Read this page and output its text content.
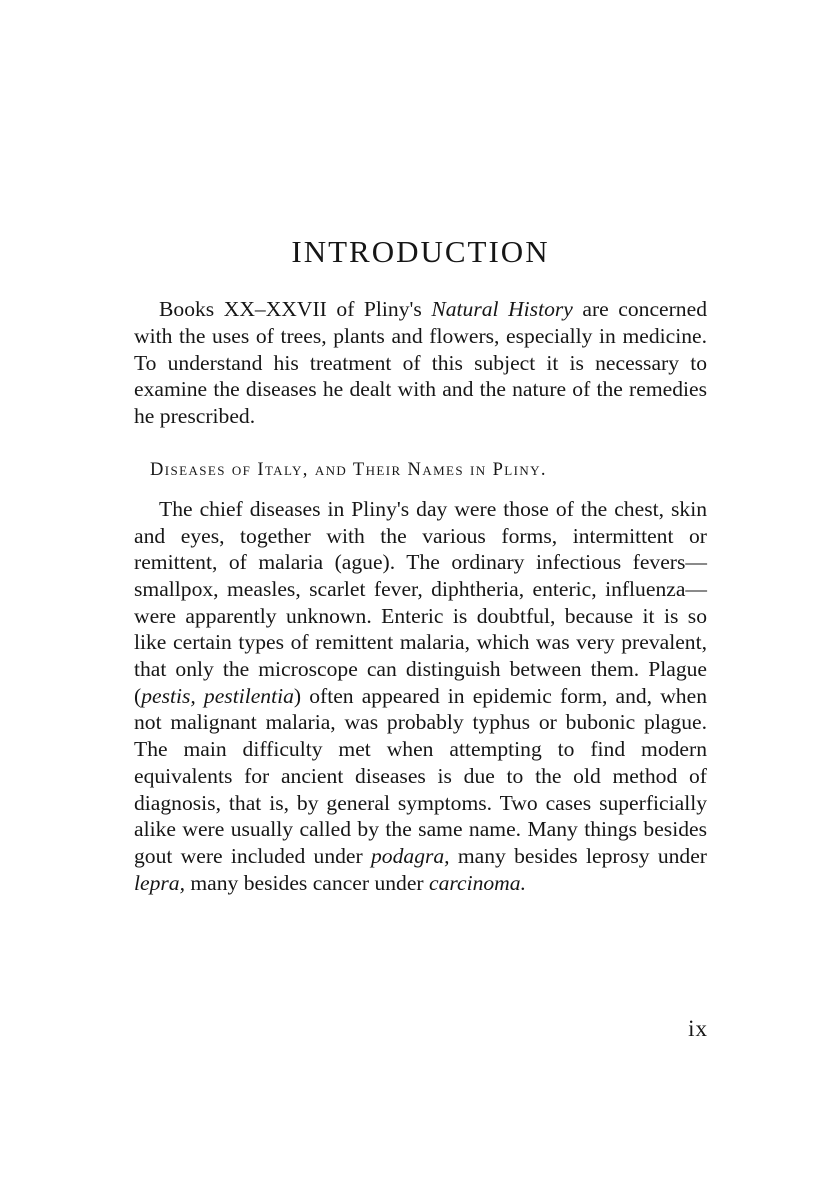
INTRODUCTION

Books XX–XXVII of Pliny's Natural History are concerned with the uses of trees, plants and flowers, especially in medicine. To understand his treatment of this subject it is necessary to examine the diseases he dealt with and the nature of the remedies he prescribed.

Diseases of Italy, and Their Names in Pliny.

The chief diseases in Pliny's day were those of the chest, skin and eyes, together with the various forms, intermittent or remittent, of malaria (ague). The ordinary infectious fevers—smallpox, measles, scarlet fever, diphtheria, enteric, influenza—were apparently unknown. Enteric is doubtful, because it is so like certain types of remittent malaria, which was very prevalent, that only the microscope can distinguish between them. Plague (pestis, pestilentia) often appeared in epidemic form, and, when not malignant malaria, was probably typhus or bubonic plague. The main difficulty met when attempting to find modern equivalents for ancient diseases is due to the old method of diagnosis, that is, by general symptoms. Two cases superficially alike were usually called by the same name. Many things besides gout were included under podagra, many besides leprosy under lepra, many besides cancer under carcinoma.

ix
